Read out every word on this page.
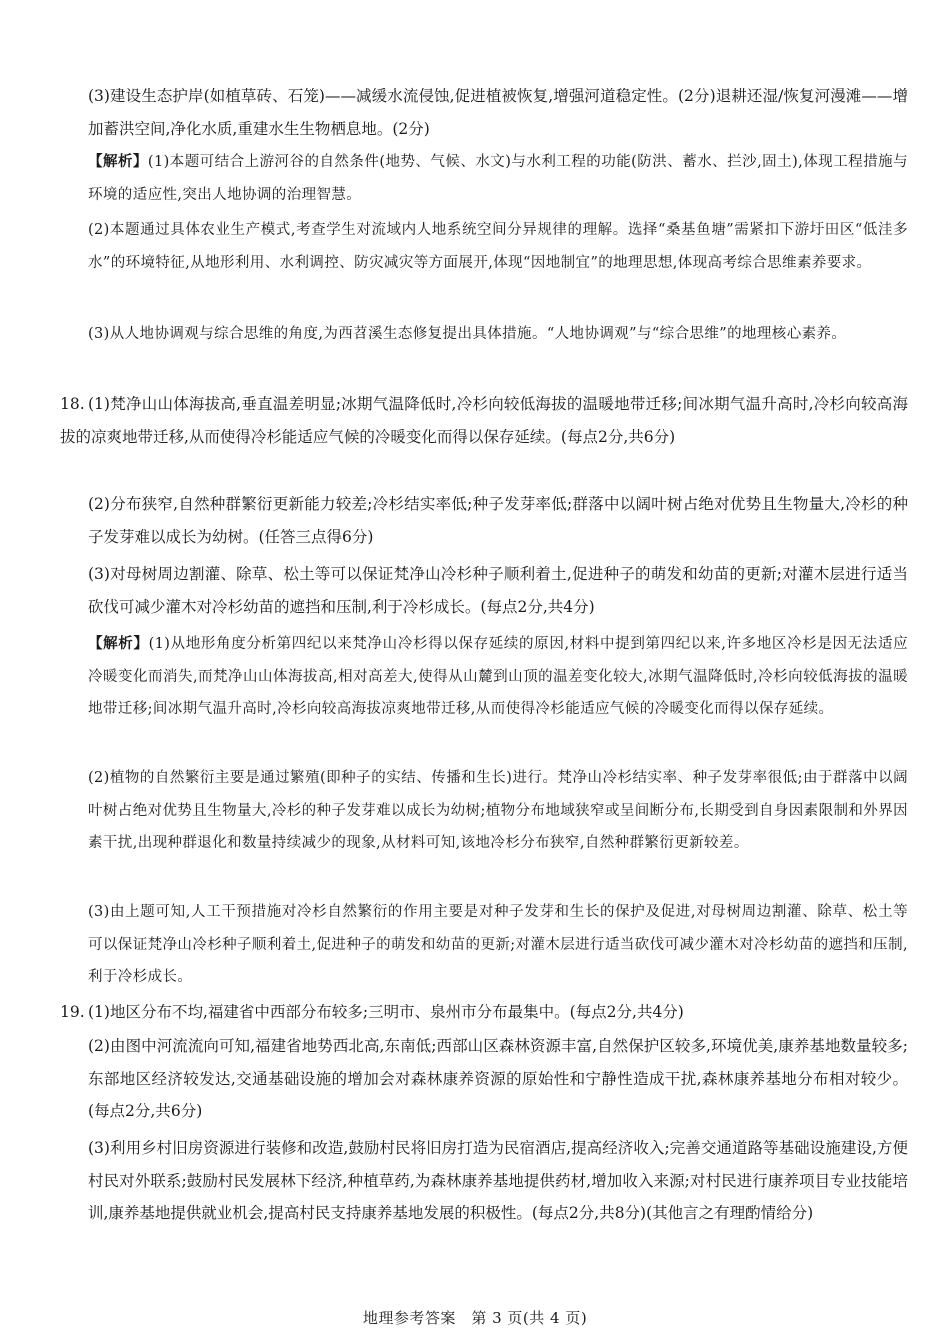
(3)建设生态护岸(如植草砖、石笼)——减缓水流侵蚀,促进植被恢复,增强河道稳定性。(2分)退耕还湿/恢复河漫滩——增加蓄洪空间,净化水质,重建水生生物栖息地。(2分)
【解析】(1)本题可结合上游河谷的自然条件(地势、气候、水文)与水利工程的功能(防洪、蓄水、拦沙,固土),体现工程措施与环境的适应性,突出人地协调的治理智慧。
(2)本题通过具体农业生产模式,考查学生对流域内人地系统空间分异规律的理解。选择“桑基鱼塘”需紧扣下游圩田区“低洼多水”的环境特征,从地形利用、水利调控、防灾减灾等方面展开,体现“因地制宜”的地理思想,体现高考综合思维素养要求。
(3)从人地协调观与综合思维的角度,为西苕溪生态修复提出具体措施。“人地协调观”与“综合思维”的地理核心素养。
18. (1)梵净山山体海拔高,垂直温差明显;冰期气温降低时,冷杉向较低海拔的温暖地带迁移;间冰期气温升高时,冷杉向较高海拔的凉爽地带迁移,从而使得冷杉能适应气候的冷暖变化而得以保存延续。(每点2分,共6分)
(2)分布狭窄,自然种群繁衍更新能力较差;冷杉结实率低;种子发芽率低;群落中以阔叶树占绝对优势且生物量大,冷杉的种子发芽难以成长为幼树。(任答三点得6分)
(3)对母树周边割灌、除草、松土等可以保证梵净山冷杉种子顺利着土,促进种子的萌发和幼苗的更新;对灌木层进行适当砍伐可减少灌木对冷杉幼苗的遮挡和压制,利于冷杉成长。(每点2分,共4分)
【解析】(1)从地形角度分析第四纪以来梵净山冷杉得以保存延续的原因,材料中提到第四纪以来,许多地区冷杉是因无法适应冷暖变化而消失,而梵净山山体海拔高,相对高差大,使得从山麓到山顶的温差变化较大,冰期气温降低时,冷杉向较低海拔的温暖地带迁移;间冰期气温升高时,冷杉向较高海拔凉爽地带迁移,从而使得冷杉能适应气候的冷暖变化而得以保存延续。
(2)植物的自然繁衍主要是通过繁殖(即种子的实结、传播和生长)进行。梵净山冷杉结实率、种子发芽率很低;由于群落中以阔叶树占绝对优势且生物量大,冷杉的种子发芽难以成长为幼树;植物分布地域狭窄或呈间断分布,长期受到自身因素限制和外界因素干扰,出现种群退化和数量持续减少的现象,从材料可知,该地冷杉分布狭窄,自然种群繁衍更新较差。
(3)由上题可知,人工干预措施对冷杉自然繁衍的作用主要是对种子发芽和生长的保护及促进,对母树周边割灌、除草、松土等可以保证梵净山冷杉种子顺利着土,促进种子的萌发和幼苗的更新;对灌木层进行适当砍伐可减少灌木对冷杉幼苗的遮挡和压制,利于冷杉成长。
19. (1)地区分布不均,福建省中西部分布较多;三明市、泉州市分布最集中。(每点2分,共4分)
(2)由图中河流流向可知,福建省地势西北高,东南低;西部山区森林资源丰富,自然保护区较多,环境优美,康养基地数量较多;东部地区经济较发达,交通基础设施的增加会对森林康养资源的原始性和宁静性造成干扰,森林康养基地分布相对较少。(每点2分,共6分)
(3)利用乡村旧房资源进行装修和改造,鼓励村民将旧房打造为民宿酒店,提高经济收入;完善交通道路等基础设施建设,方便村民对外联系;鼓励村民发展林下经济,种植草药,为森林康养基地提供药材,增加收入来源;对村民进行康养项目专业技能培训,康养基地提供就业机会,提高村民支持康养基地发展的积极性。(每点2分,共8分)(其他言之有理酌情给分)
地理参考答案　第 3 页(共 4 页)
